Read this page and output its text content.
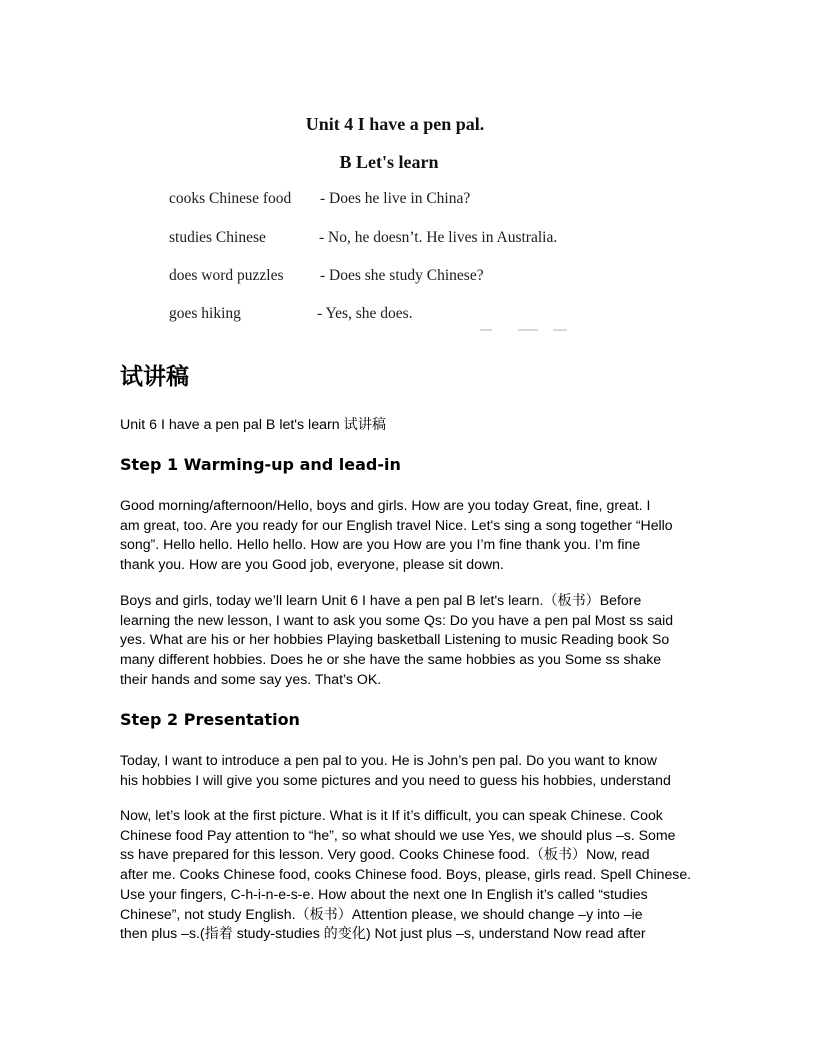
Unit 4 I have a pen pal.
B Let's learn
cooks Chinese food - Does he live in China?
studies Chinese	- No, he doesn’t. He lives in Australia.
does word puzzles - Does she study Chinese?
goes hiking	- Yes, she does.
试讲稿
Unit 6 I have a pen pal B let's learn 试讲稿
Step 1 Warming-up and lead-in

Good morning/afternoon/Hello, boys and girls. How are you today Great, fine, great. I
am great, too. Are you ready for our English travel Nice. Let's sing a song together “Hello
song”. Hello hello. Hello hello. How are you How are you I’m fine thank you. I’m fine
thank you. How are you Good job, everyone, please sit down.

Boys and girls, today we’ll learn Unit 6 I have a pen pal B let's learn.（板书）Before
learning the new lesson, I want to ask you some Qs: Do you have a pen pal Most ss said
yes. What are his or her hobbies Playing basketball Listening to music Reading book So
many different hobbies. Does he or she have the same hobbies as you Some ss shake
their hands and some say yes. That’s OK.

Step 2 Presentation

Today, I want to introduce a pen pal to you. He is John’s pen pal. Do you want to know
his hobbies I will give you some pictures and you need to guess his hobbies, understand

Now, let’s look at the first picture. What is it If it’s difficult, you can speak Chinese. Cook
Chinese food Pay attention to “he”, so what should we use Yes, we should plus –s. Some
ss have prepared for this lesson. Very good. Cooks Chinese food.（板书）Now, read
after me. Cooks Chinese food, cooks Chinese food. Boys, please, girls read. Spell Chinese.
Use your fingers, C-h-i-n-e-s-e. How about the next one In English it’s called “studies
Chinese”, not study English.（板书）Attention please, we should change –y into –ie
then plus –s.(指着 study-studies 的变化) Not just plus –s, understand Now read after
